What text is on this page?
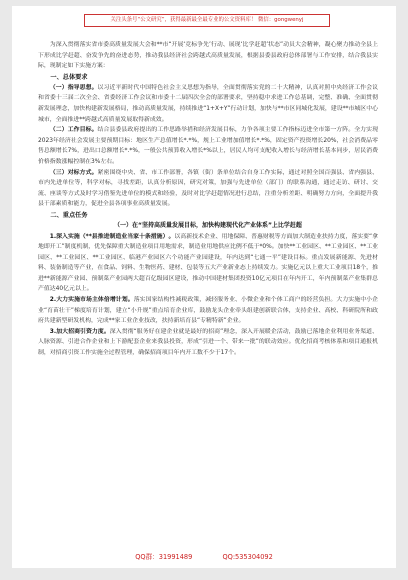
关注头条号“公文研究”，获得最新最全最专业的公文资料库！ 微信：gongwenyj

为深入贯彻落实省市委高质量发展大会和**市“开展‘竞标争先’行动、展现‘比学赶超’状态”动员大会精神，凝心聚力推动全县上下形成比学赶超、奋发争先的奋进态势，推动我县经济社会跨越式高质量发展，根据县委县政府总体部署与工作安排，结合我县实际，现制定如下实施方案：

一、总体要求

（一）指导思想。以习近平新时代中国特色社会主义思想为指导，全面贯彻落实党的二十大精神，认真对照中央经济工作会议和省委十三届二次全会、省委经济工作会议和市委十二届四次全会的部署要求，坚持稳中求进工作总基调，完整、准确、全面贯彻新发展理念，加快构建新发展格局，推动高质量发展，持续推进“1+X+Y”行动计划，加快与**市区同城化发展，建设**市城区中心城市，全面推进**跨越式高质量发展取得新成效。

（二）工作目标。结合县委县政府提出的工作思路举措和经济发展目标，力争各项主要工作指标迈进全市第一方阵。全力实现2023年经济社会发展主要预期目标：地区生产总值增长*.*%，规上工业增加值增长*.*%，固定资产投资增长20%，社会消费品零售总额增长7%，进出口总额增长*.*%，一般公共预算收入增长*%以上，居民人均可支配收入增长与经济增长基本同步，居民消费价格指数涨幅控制在3%左右。

（三）对标方式。紧密围绕中央、省、市工作部署，各镇（街）条单位结合自身工作实际，通过对照全国百强县、省内强县、市内先进单位等，科学对标，寻找差距，认真分析原因，研究对策，加强与先进单位（部门）的联系沟通，通过走访、研讨、交流、座谈等方式及时学习借鉴先进单位的模式和经验，及时对比学赶超情况进行总结，注重分析差距、明确努力方向，全面提升我县干部素质和能力，促进全县各项事业高质量发展。

二、重点任务

（一）在“坚持高质量发展目标，加快构建现代化产业体系”上比学赶超

1.深入实施（**县推进制造业当家十条措施）。以高新技术企业、用地保障、普惠财税等方面加大制造业扶持力度，落实要“拿地即开工”制度机制，优先保障重大制造业项目用地需求，制造业用地供应比例不低于*0%。加快**工业园区、**工业园区、**工业园区、**工业园区、**工业园区、临港产业园区六个功能产业园建设，年内达到“七通一平”建设目标。重点发展新能源、先进材料、装备制造等产业，在食品、饲料、生物医药、建材、包装等五大产业新业态上持续发力。实施亿元以上重大工业项目18个，推进**新能源产业园、预制菜产业园两大超百亿级园区建设，推动中国建材集团投资10亿元项目在年内开工，年内预制菜产业集群总产值达40亿元以上。

2.大力实施市场主体倍增计划。落实国家结构性减税政策，减轻服务业、小微企业和个体工商户的经营负担。大力实施中小企业“育苗壮干”梯度培育计划，建立“小升规”重点培育企业库，鼓励龙头企业牵头组建创新联合体，支持企业、高校、科研院所和政府共建新型研发机构，完成**家工业企业技改，扶持新培育县“专精特新”企业。

3.加大招商引资力度。深入贯彻“服务好在建企业就是最好的招商”理念，深入开展暖企活动，鼓励已落地企业利用业务渠道、人脉资源、引进合作企业和上下游配套企业来我县投资，形成“引进一个、带来一批”的联动效应。优化招商考核体系和项目通报机制，对招商引资工作实施全过程管理，确保招商项目年内开工数不少于17个。

QQ群：31991489	QQ:535304092
